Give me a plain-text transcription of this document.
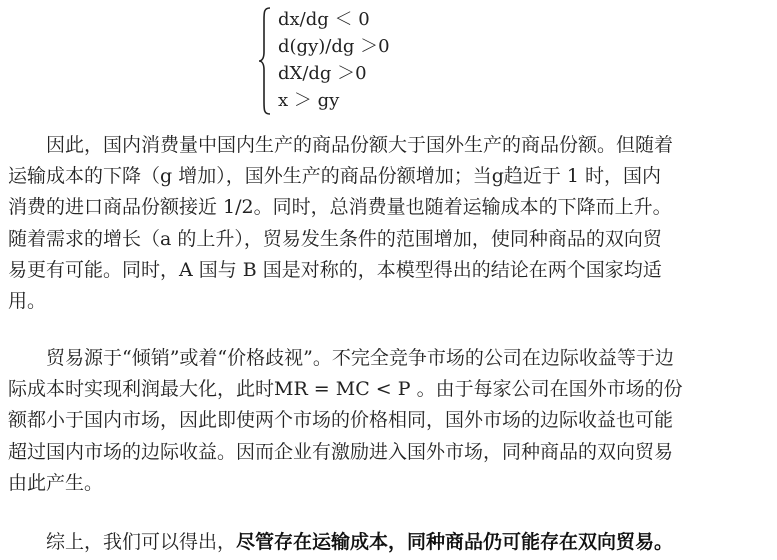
dx/dg ＜ 0
d(gy)/dg ＞0
dX/dg ＞0
x ＞ gy
因此，国内消费量中国内生产的商品份额大于国外生产的商品份额。但随着
运输成本的下降（g 增加），国外生产的商品份额增加；当g趋近于 1 时，国内
消费的进口商品份额接近 1/2。同时，总消费量也随着运输成本的下降而上升。
随着需求的增长（a 的上升），贸易发生条件的范围增加，使同种商品的双向贸
易更有可能。同时，A 国与 B 国是对称的，本模型得出的结论在两个国家均适
用。
贸易源于“倾销”或着“价格歧视”。不完全竞争市场的公司在边际收益等于边
际成本时实现利润最大化，此时MR = MC < P 。由于每家公司在国外市场的份
额都小于国内市场，因此即使两个市场的价格相同，国外市场的边际收益也可能
超过国内市场的边际收益。因而企业有激励进入国外市场，同种商品的双向贸易
由此产生。
综上，我们可以得出，尽管存在运输成本，同种商品仍可能存在双向贸易。
